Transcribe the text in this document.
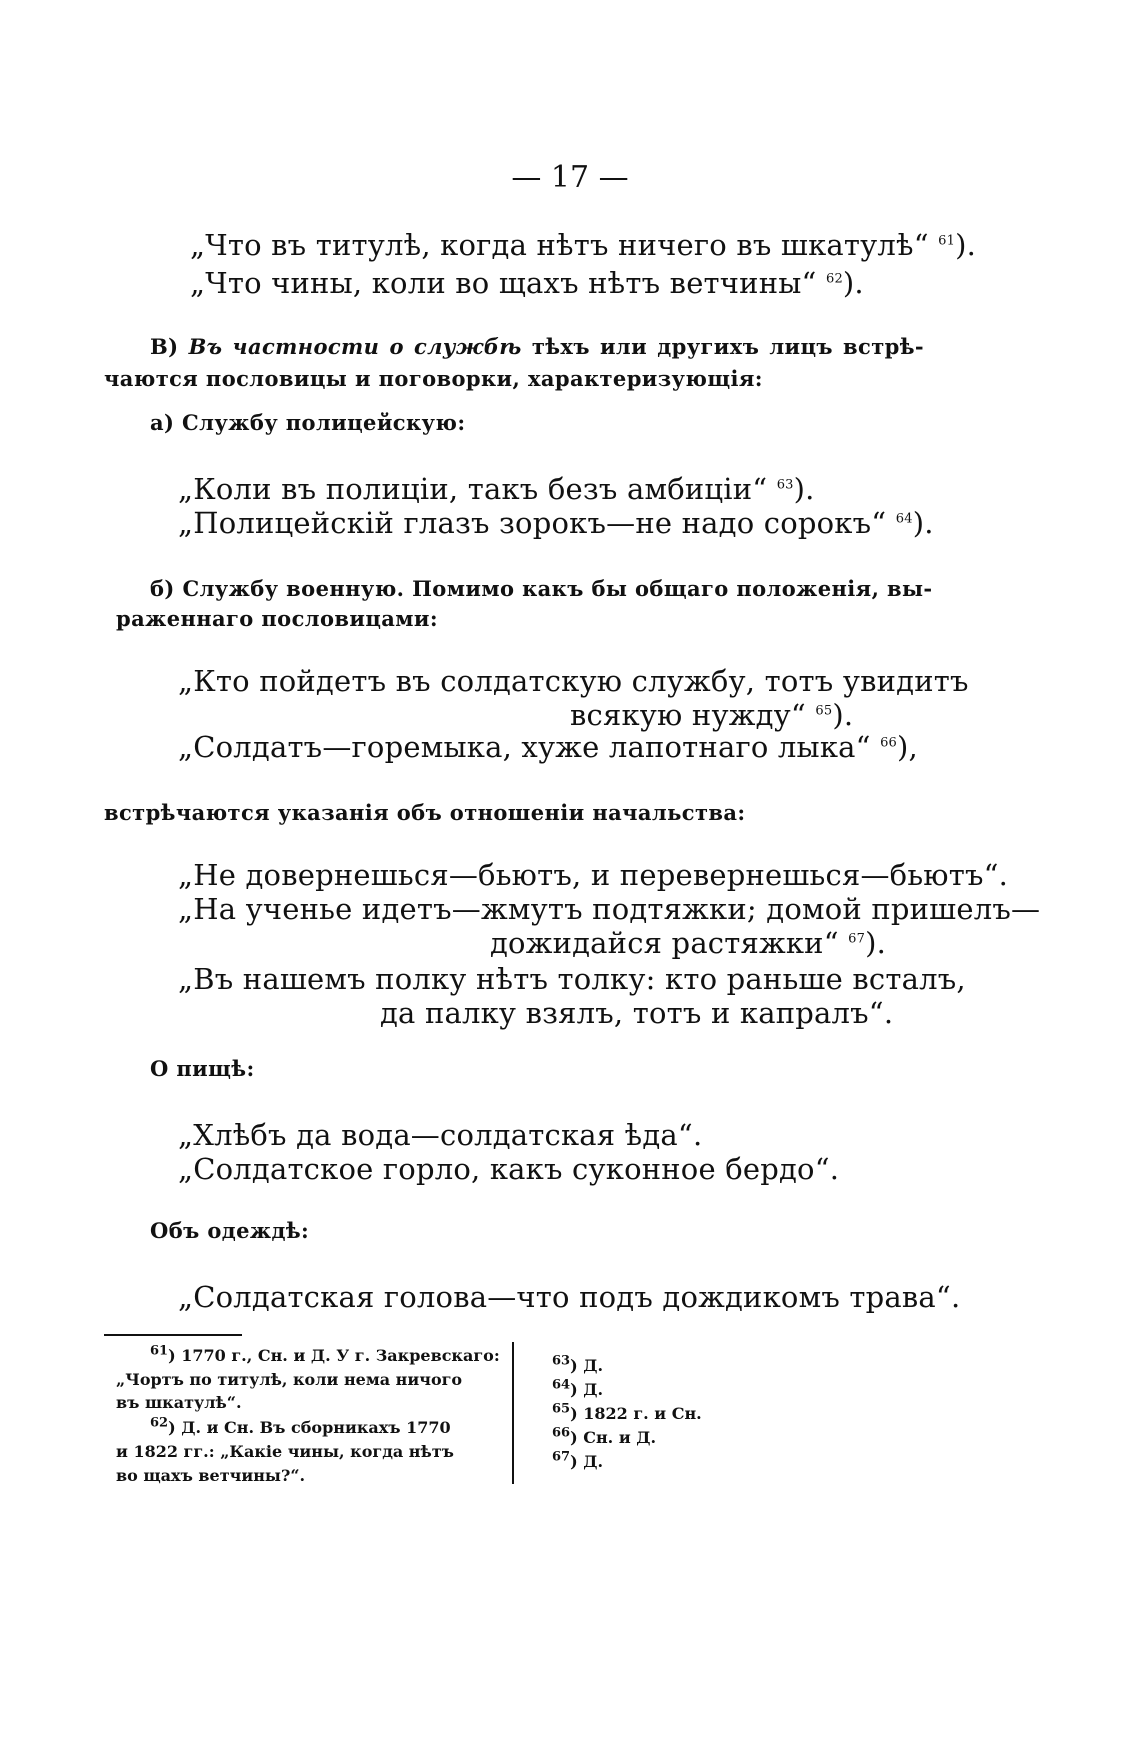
— 17 —
„Что въ титулѣ, когда нѣтъ ничего въ шкатулѣ“ $^{61}$).
„Что чины, коли во щахъ нѣтъ ветчины“ $^{62}$).
В) Въ частности о службѣ тѣхъ или другихъ лицъ встрѣ-
чаются пословицы и поговорки, характеризующія:
а) Службу полицейскую:
„Коли въ полиціи, такъ безъ амбиціи“ $^{63}$).
„Полицейскій глазъ зорокъ—не надо сорокъ“ $^{64}$).
б) Службу военную. Помимо какъ бы общаго положенія, вы-
раженнаго пословицами:
„Кто пойдетъ въ солдатскую службу, тотъ увидитъ
всякую нужду“ $^{65}$).
„Солдатъ—горемыка, хуже лапотнаго лыка“ $^{66}$),
встрѣчаются указанія объ отношеніи начальства:
„Не довернешься—бьютъ, и перевернешься—бьютъ“.
„На ученье идетъ—жмутъ подтяжки; домой пришелъ—
дожидайся растяжки“ $^{67}$).
„Въ нашемъ полку нѣтъ толку: кто раньше всталъ,
да палку взялъ, тотъ и капралъ“.
О пищѣ:
„Хлѣбъ да вода—солдатская ѣда“.
„Солдатское горло, какъ суконное бердо“.
Объ одеждѣ:
„Солдатская голова—что подъ дождикомъ трава“.
$^{61}$) 1770 г., Сн. и Д. У г. Закревскаго:
„Чортъ по титулѣ, коли нема ничого
въ шкатулѣ“.
$^{62}$) Д. и Сн. Въ сборникахъ 1770
и 1822 гг.: „Какіе чины, когда нѣтъ
во щахъ ветчины?“.
$^{63}$) Д.
$^{64}$) Д.
$^{65}$) 1822 г. и Сн.
$^{66}$) Сн. и Д.
$^{67}$) Д.
